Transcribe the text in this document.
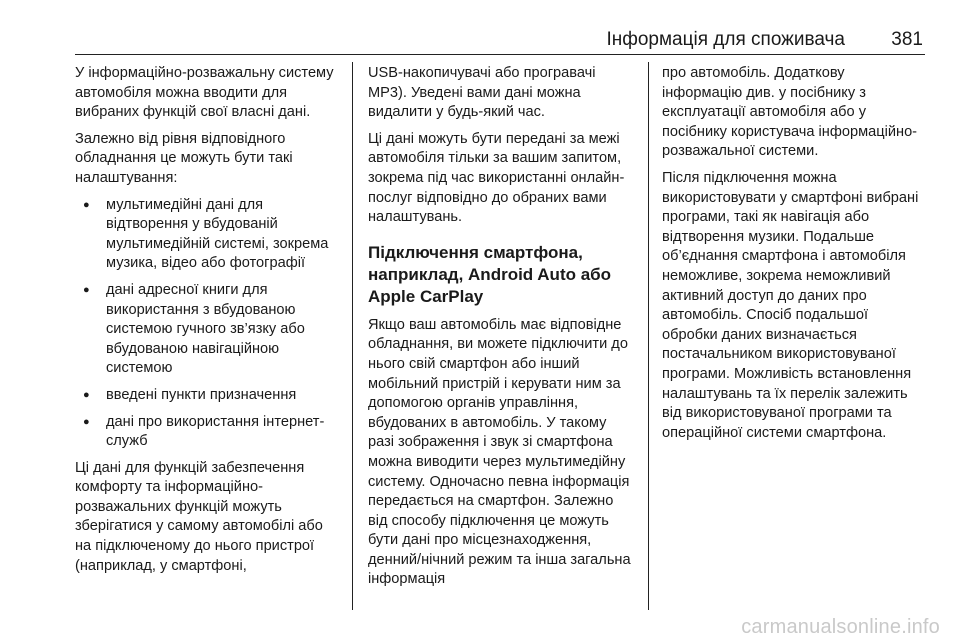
Інформація для споживача 381

У інформаційно-розважальну систему автомобіля можна вводити для вибраних функцій свої власні дані.

Залежно від рівня відповідного обладнання це можуть бути такі налаштування:

● мультимедійні дані для відтворення у вбудованій мультимедійній системі, зокрема музика, відео або фотографії
● дані адресної книги для використання з вбудованою системою гучного зв’язку або вбудованою навігаційною системою
● введені пункти призначення
● дані про використання інтернет-служб

Ці дані для функцій забезпечення комфорту та інформаційно-розважальних функцій можуть зберігатися у самому автомобілі або на підключеному до нього пристрої (наприклад, у смартфоні,

USB-накопичувачі або програвачі MP3). Уведені вами дані можна видалити у будь-який час.

Ці дані можуть бути передані за межі автомобіля тільки за вашим запитом, зокрема під час використанні онлайн-послуг відповідно до обраних вами налаштувань.

Підключення смартфона, наприклад, Android Auto або Apple CarPlay

Якщо ваш автомобіль має відповідне обладнання, ви можете підключити до нього свій смартфон або інший мобільний пристрій і керувати ним за допомогою органів управління, вбудованих в автомобіль. У такому разі зображення і звук зі смартфона можна виводити через мультимедійну систему. Одночасно певна інформація передається на смартфон. Залежно від способу підключення це можуть бути дані про місцезнаходження, денний/нічний режим та інша загальна інформація

про автомобіль. Додаткову інформацію див. у посібнику з експлуатації автомобіля або у посібнику користувача інформаційно-розважальної системи.

Після підключення можна використовувати у смартфоні вибрані програми, такі як навігація або відтворення музики. Подальше об’єднання смартфона і автомобіля неможливе, зокрема неможливий активний доступ до даних про автомобіль. Спосіб подальшої обробки даних визначається постачальником використовуваної програми. Можливість встановлення налаштувань та їх перелік залежить від використовуваної програми та операційної системи смартфона.

carmanualsonline.info
